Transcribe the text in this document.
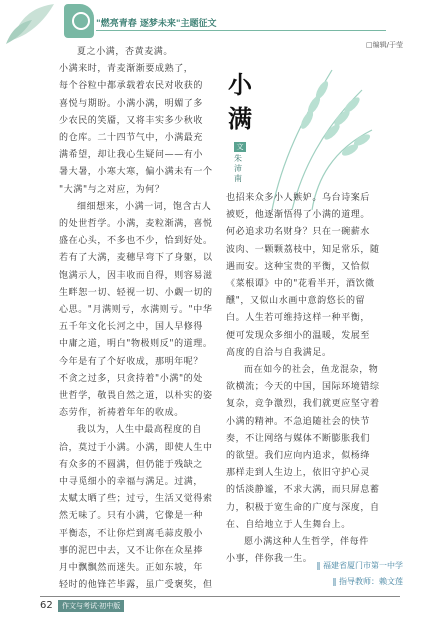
"燃亮青春 逐梦未来"主题征文
□编辑/于莹
小
满
文
朱沛南
夏之小满，杏黄麦满。
小满来时，青麦渐渐要成熟了，
每个谷粒中都承载着农民对收获的
喜悦与期盼。小满小满，明媚了多
少农民的笑靥，又将丰实多少秋收
的仓库。二十四节气中，小满最充
满希望，却让我心生疑问——有小
暑大暑，小寒大寒，偏小满未有一个
"大满"与之对应，为何？
细细想来，小满一词，饱含古人
的处世哲学。小满，麦粒渐满，喜悦
盛在心头，不多也不少，恰到好处。
若有了大满，麦穗早弯下了身躯，以
饱满示人，因丰收而自得，则容易滋
生畔恕一切、轻视一切、小觑一切的
心思。"月满则亏，水满则亏。"中华
五千年文化长河之中，国人早修得
中庸之道，明白"物极则反"的道理。
今年是有了个好收成，那明年呢？
不贪之过多，只贪持着"小满"的处
世哲学，敬畏自然之道，以朴实的姿
态劳作，祈祷着年年的收成。
我以为，人生中最高程度的自
洽，莫过于小满。小满，即使人生中
有众多的不圆满，但仍能于残缺之
中寻觅细小的幸福与满足。过满，
太赋太晒了些；过亏，生活又觉得索
然无味了。只有小满，它像是一种
平衡态，不让你烂到离毛蒜皮般小
事的泥巴中去，又不让你在众星捧
月中飘飘然而迷失。正如东坡，年
轻时的他锋芒毕露，虽广受褒奖，但
也招来众多小人嫉妒。乌台诗案后
被贬，他逐渐悟得了小满的道理。
何必追求功名财身？只在一碗薪水
波肉、一颗颗荔枝中，知足常乐，随
遇而安。这种宝贵的平衡，又恰似
《菜根谭》中的"花看半开，酒饮微
醺"，又似山水画中意韵悠长的留
白。人生若可维持这样一种平衡，
便可发现众多细小的温暖，发展至
高度的自洽与自我满足。
而在如今的社会，鱼龙混杂，物
欲横流；今天的中国，国际环境错综
复杂，竞争激烈，我们就更应坚守着
小满的精神。不急追随社会的快节
奏，不让网络与媒体不断膨胀我们
的欲望。我们应向内追求，似杨绛
那样走到人生边上，依旧守护心灵
的恬淡静谧，不求大满，而只屏息蓄
力，积极于宽生命的广度与深度，自
在、自给地立于人生舞台上。
愿小满这种人生哲学，伴每件
小事，伴你我一生。
‖ 福建省厦门市第一中学
‖ 指导教师：赖文莲
62	作文与考试·初中版
